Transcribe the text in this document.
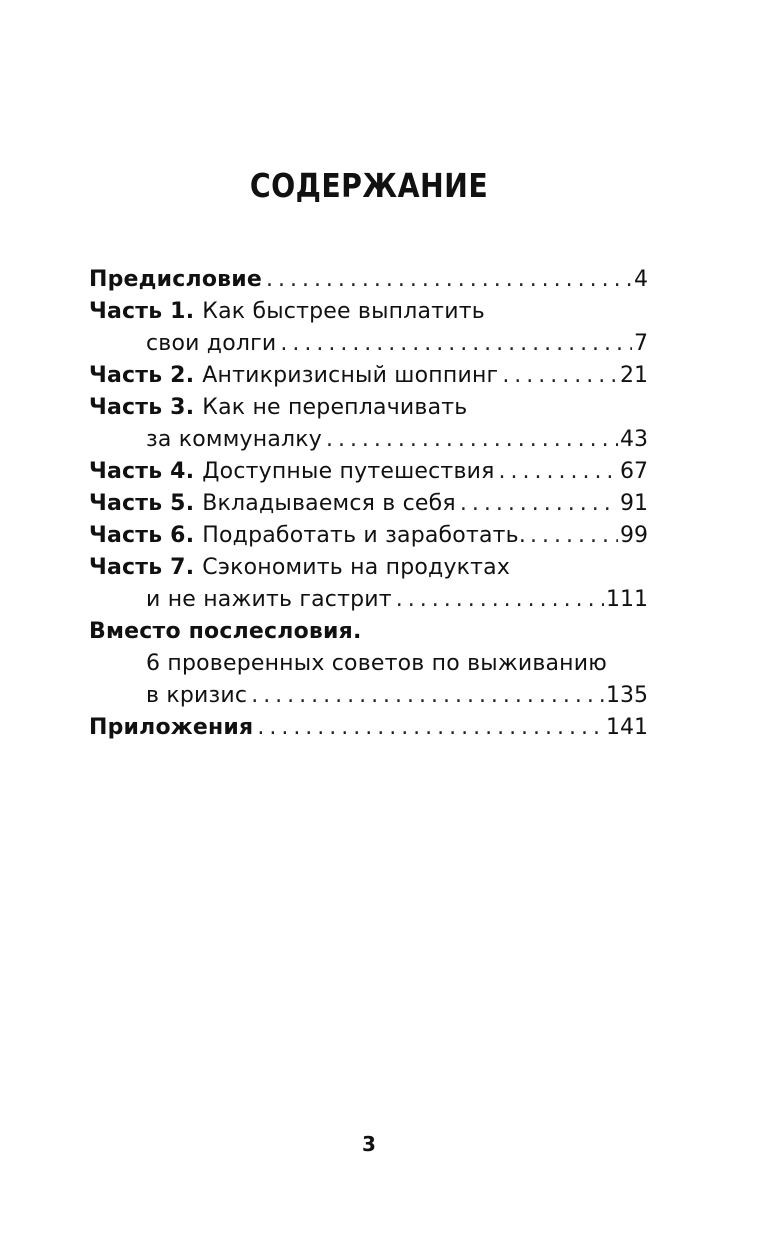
СОДЕРЖАНИЕ
Предисловие . . .	4
Часть 1. Как быстрее выплатить
свои долги . . .	7
Часть 2. Антикризисный шоппинг . . .	21
Часть 3. Как не переплачивать
за коммуналку . . .	43
Часть 4. Доступные путешествия . . .	67
Часть 5. Вкладываемся в себя . . .	91
Часть 6. Подработать и заработать. . . .	99
Часть 7. Сэкономить на продуктах
и не нажить гастрит . . .	111
Вместо послесловия.
6 проверенных советов по выживанию
в кризис . . .	135
Приложения . . .	141
3
